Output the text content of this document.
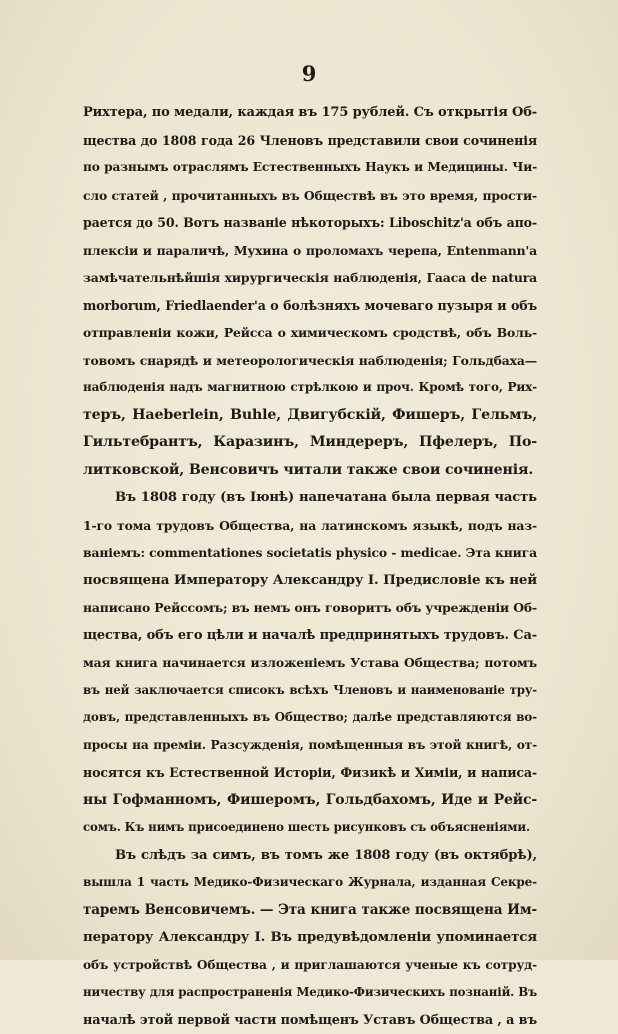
9
Рихтера, по медали, каждая въ 175 рублей. Съ открытія Об-
щества до 1808 года 26 Членовъ представили свои сочиненія
по разнымъ отраслямъ Естественныхъ Наукъ и Медицины. Чи-
сло статей , прочитанныхъ въ Обществѣ въ это время, прости-
рается до 50. Вотъ названіе нѣкоторыхъ: Liboschitz'а объ апо-
плексіи и параличѣ, Мухина о проломахъ черепа, Entenmann'а
замѣчательнѣйшія хирургическія наблюденія, Гааса de natura
morborum, Friedlaender'а о болѣзняхъ мочеваго пузыря и объ
отправленіи кожи, Рейсса о химическомъ сродствѣ, объ Воль-
товомъ снарядѣ и метеорологическія наблюденія; Гольдбаха—
наблюденія надъ магнитною стрѣлкою и проч. Кромѣ того, Рих-
теръ, Haeberlein, Buhle, Двигубскій, Фишеръ, Гельмъ,
Гильтебрантъ, Каразинъ, Миндереръ, Пфелеръ, По-
литковской, Венсовичъ читали также свои сочиненія.
Въ 1808 году (въ Іюнѣ) напечатана была первая часть
1-го тома трудовъ Общества, на латинскомъ языкѣ, подъ наз-
ваніемъ: commentationes societatis physico - medicae. Эта книга
посвящена Императору Александру I. Предисловіе къ ней
написано Рейссомъ; въ немъ онъ говоритъ объ учрежденіи Об-
щества, объ его цѣли и началѣ предпринятыхъ трудовъ. Са-
мая книга начинается изложеніемъ Устава Общества; потомъ
въ ней заключается списокъ всѣхъ Членовъ и наименованіе тру-
довъ, представленныхъ въ Общество; далѣе представляются во-
просы на преміи. Разсужденія, помѣщенныя въ этой книгѣ, от-
носятся къ Естественной Исторіи, Физикѣ и Химіи, и написа-
ны Гофманномъ, Фишеромъ, Гольдбахомъ, Иде и Рейс-
сомъ. Къ нимъ присоединено шесть рисунковъ съ объясненіями.
Въ слѣдъ за симъ, въ томъ же 1808 году (въ октябрѣ),
вышла 1 часть Медико-Физическаго Журнала, изданная Секре-
таремъ Венсовичемъ. — Эта книга также посвящена Им-
ператору Александру I. Въ предувѣдомленіи упоминается
объ устройствѣ Общества , и приглашаются ученые къ сотруд-
ничеству для распространенія Медико-Физическихъ познаній. Въ
началѣ этой первой части помѣщенъ Уставъ Общества , а въ
